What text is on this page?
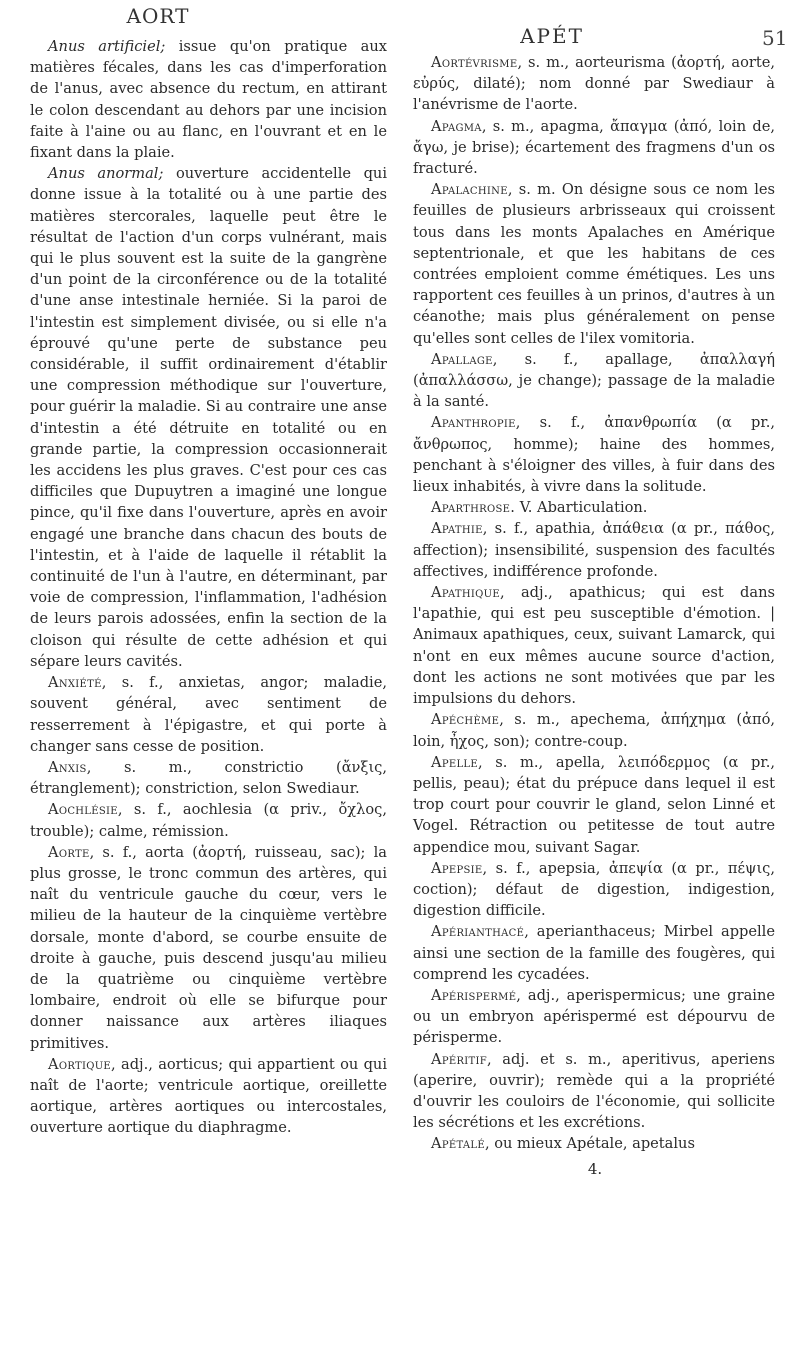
AORT
APÉT	51

Anus artificiel; issue qu'on pratique aux matières fécales, dans les cas d'imperforation de l'anus, avec absence du rectum, en attirant le colon descendant au dehors par une incision faite à l'aine ou au flanc, en l'ouvrant et en le fixant dans la plaie.

Anus anormal; ouverture accidentelle qui donne issue à la totalité ou à une partie des matières stercorales, laquelle peut être le résultat de l'action d'un corps vulnérant, mais qui le plus souvent est la suite de la gangrène d'un point de la circonférence ou de la totalité d'une anse intestinale herniée. Si la paroi de l'intestin est simplement divisée, ou si elle n'a éprouvé qu'une perte de substance peu considérable, il suffit ordinairement d'établir une compression méthodique sur l'ouverture, pour guérir la maladie. Si au contraire une anse d'intestin a été détruite en totalité ou en grande partie, la compression occasionnerait les accidens les plus graves. C'est pour ces cas difficiles que Dupuytren a imaginé une longue pince, qu'il fixe dans l'ouverture, après en avoir engagé une branche dans chacun des bouts de l'intestin, et à l'aide de laquelle il rétablit la continuité de l'un à l'autre, en déterminant, par voie de compression, l'inflammation, l'adhésion de leurs parois adossées, enfin la section de la cloison qui résulte de cette adhésion et qui sépare leurs cavités.

Anxiété, s. f., anxietas, angor; maladie, souvent général, avec sentiment de resserrement à l'épigastre, et qui porte à changer sans cesse de position.

Anxis, s. m., constrictio (ἄνξις, étranglement); constriction, selon Swediaur.

Aochlésie, s. f., aochlesia (α priv., ὄχλος, trouble); calme, rémission.

Aorte, s. f., aorta (ἀορτή, ruisseau, sac); la plus grosse, le tronc commun des artères, qui naît du ventricule gauche du cœur, vers le milieu de la hauteur de la cinquième vertèbre dorsale, monte d'abord, se courbe ensuite de droite à gauche, puis descend jusqu'au milieu de la quatrième ou cinquième vertèbre lombaire, endroit où elle se bifurque pour donner naissance aux artères iliaques primitives.

Aortique, adj., aorticus; qui appartient ou qui naît de l'aorte; ventricule aortique, oreillette aortique, artères aortiques ou intercostales, ouverture aortique du diaphragme.

Aortévrisme, s. m., aorteurisma (ἀορτή, aorte, εὐρύς, dilaté); nom donné par Swediaur à l'anévrisme de l'aorte.

Apagma, s. m., apagma, ἄπαγμα (ἀπό, loin de, ἄγω, je brise); écartement des fragmens d'un os fracturé.

Apalachine, s. m. On désigne sous ce nom les feuilles de plusieurs arbrisseaux qui croissent tous dans les monts Apalaches en Amérique septentrionale, et que les habitans de ces contrées emploient comme émétiques. Les uns rapportent ces feuilles à un prinos, d'autres à un céanothe; mais plus généralement on pense qu'elles sont celles de l'ilex vomitoria.

Apallage, s. f., apallage, ἀπαλλαγή (ἀπαλλάσσω, je change); passage de la maladie à la santé.

Apanthropie, s. f., ἀπανθρωπία (α pr., ἄνθρωπος, homme); haine des hommes, penchant à s'éloigner des villes, à fuir dans des lieux inhabités, à vivre dans la solitude.

Aparthrose. V. Abarticulation.

Apathie, s. f., apathia, ἀπάθεια (α pr., πάθος, affection); insensibilité, suspension des facultés affectives, indifférence profonde.

Apathique, adj., apathicus; qui est dans l'apathie, qui est peu susceptible d'émotion. | Animaux apathiques, ceux, suivant Lamarck, qui n'ont en eux mêmes aucune source d'action, dont les actions ne sont motivées que par les impulsions du dehors.

Apéchème, s. m., apechema, ἀπήχημα (ἀπό, loin, ἦχος, son); contre-coup.

Apelle, s. m., apella, λειπόδερμος (α pr., pellis, peau); état du prépuce dans lequel il est trop court pour couvrir le gland, selon Linné et Vogel. Rétraction ou petitesse de tout autre appendice mou, suivant Sagar.

Apepsie, s. f., apepsia, ἀπεψία (α pr., πέψις, coction); défaut de digestion, indigestion, digestion difficile.

Apérianthacé, aperianthaceus; Mirbel appelle ainsi une section de la famille des fougères, qui comprend les cycadées.

Apérispermé, adj., aperispermicus; une graine ou un embryon apérispermé est dépourvu de périsperme.

Apéritif, adj. et s. m., aperitivus, aperiens (aperire, ouvrir); remède qui a la propriété d'ouvrir les couloirs de l'économie, qui sollicite les sécrétions et les excrétions.

Apétalé, ou mieux Apétale, apetalus

4.
